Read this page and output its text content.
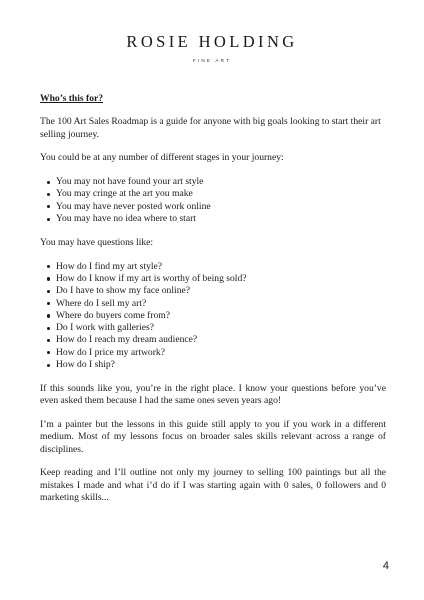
ROSIE HOLDING
FINE ART
Who’s this for?

The 100 Art Sales Roadmap is a guide for anyone with big goals looking to start their art selling journey.

You could be at any number of different stages in your journey:

You may not have found your art style
You may cringe at the art you make
You may have never posted work online
You may have no idea where to start

You may have questions like:

How do I find my art style?
How do I know if my art is worthy of being sold?
Do I have to show my face online?
Where do I sell my art?
Where do buyers come from?
Do I work with galleries?
How do I reach my dream audience?
How do I price my artwork?
How do I ship?

If this sounds like you, you’re in the right place. I know your questions before you’ve even asked them because I had the same ones seven years ago!

I’m a painter but the lessons in this guide still apply to you if you work in a different medium. Most of my lessons focus on broader sales skills relevant across a range of disciplines.

Keep reading and I’ll outline not only my journey to selling 100 paintings but all the mistakes I made and what i’d do if I was starting again with 0 sales, 0 followers and 0 marketing skills...

4
